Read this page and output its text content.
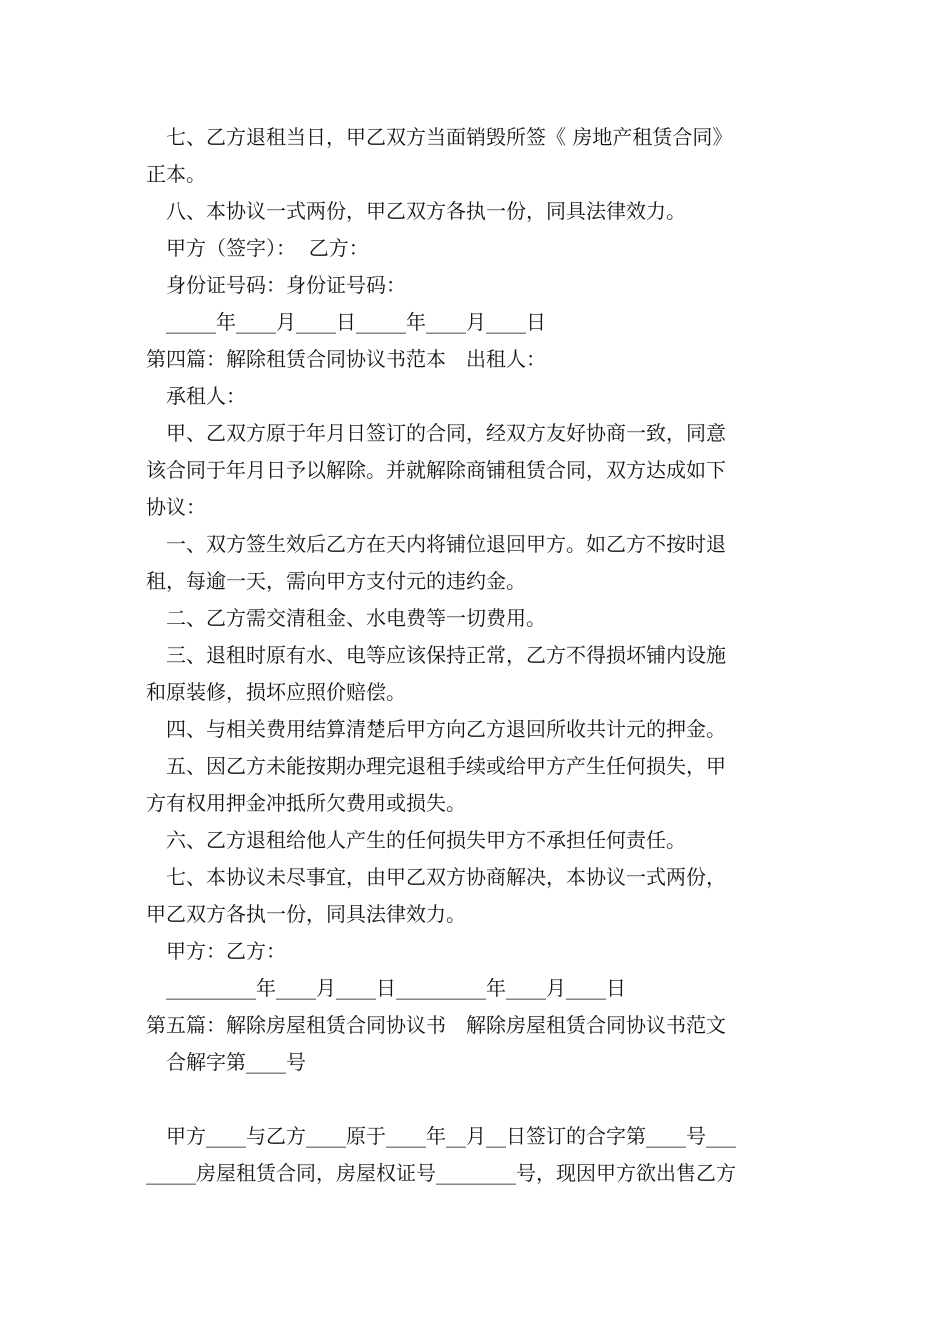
　七、乙方退租当日，甲乙双方当面销毁所签《 房地产租赁合同》
正本。
　八、本协议一式两份，甲乙双方各执一份，同具法律效力。
　甲方（签字）：  乙方：
　身份证号码：身份证号码：
　_____年____月____日_____年____月____日
第四篇：解除租赁合同协议书范本　出租人：
　承租人：
　甲、乙双方原于年月日签订的合同，经双方友好协商一致，同意
该合同于年月日予以解除。并就解除商铺租赁合同，双方达成如下
协议：
　一、双方签生效后乙方在天内将铺位退回甲方。如乙方不按时退
租，每逾一天，需向甲方支付元的违约金。
　二、乙方需交清租金、水电费等一切费用。
　三、退租时原有水、电等应该保持正常，乙方不得损坏铺内设施
和原装修，损坏应照价赔偿。
　四、与相关费用结算清楚后甲方向乙方退回所收共计元的押金。
　五、因乙方未能按期办理完退租手续或给甲方产生任何损失，甲
方有权用押金冲抵所欠费用或损失。
　六、乙方退租给他人产生的任何损失甲方不承担任何责任。
　七、本协议未尽事宜，由甲乙双方协商解决，本协议一式两份，
甲乙双方各执一份，同具法律效力。
　甲方：乙方：
　_________年____月____日_________年____月____日
第五篇：解除房屋租赁合同协议书　解除房屋租赁合同协议书范文
　合解字第____号
　甲方____与乙方____原于____年__月__日签订的合字第____号___
_____房屋租赁合同，房屋权证号________号，现因甲方欲出售乙方
